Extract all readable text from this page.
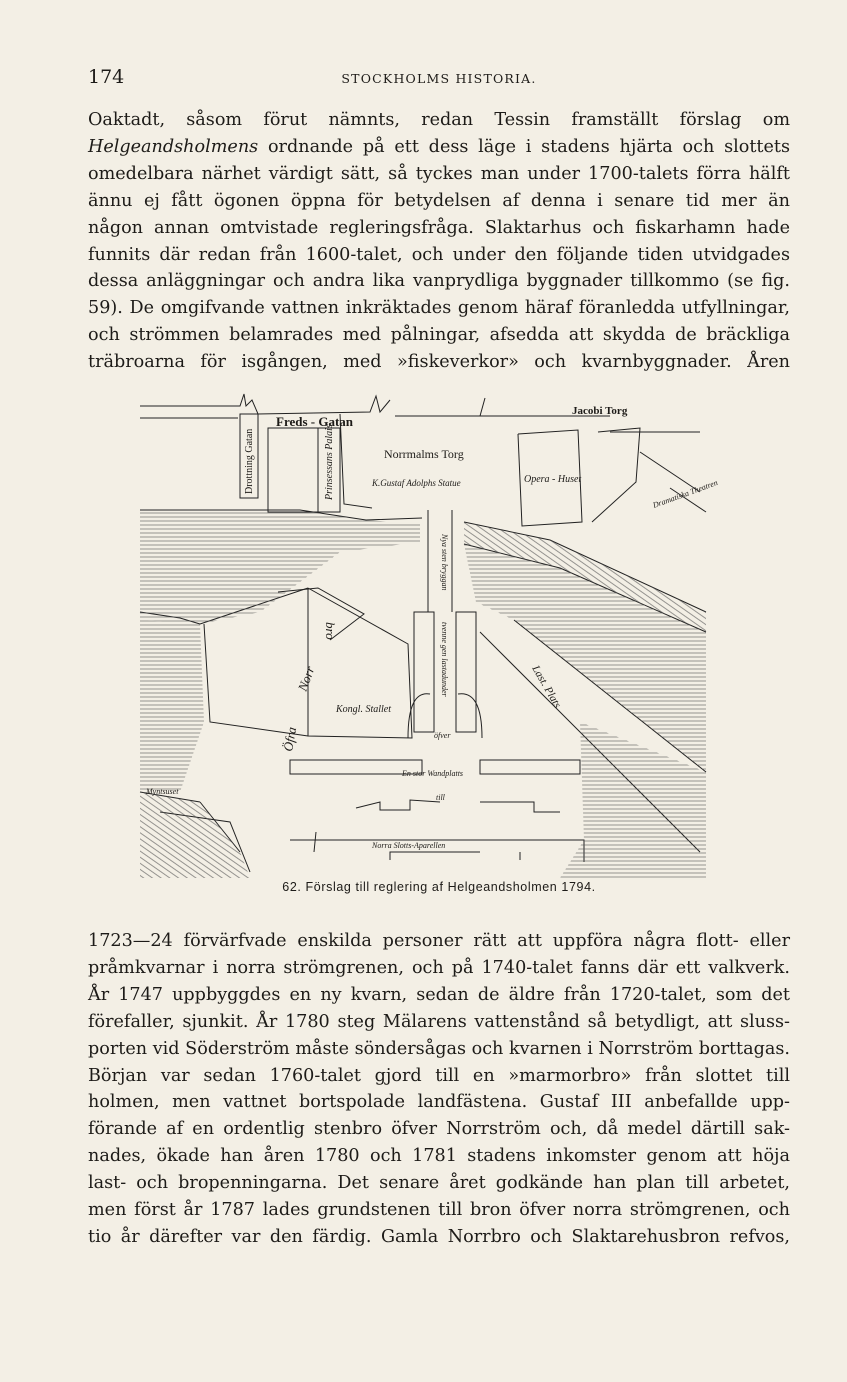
174	STOCKHOLMS HISTORIA.
Oaktadt, såsom förut nämnts, redan Tessin framställt förslag om
Helgeandsholmens ordnande på ett dess läge i stadens hjärta och slottets
omedelbara närhet värdigt sätt, så tyckes man under 1700-talets förra hälft
ännu ej fått ögonen öppna för betydelsen af denna i senare tid mer än
någon annan omtvistade regleringsfråga. Slaktarhus och fiskarhamn hade
funnits där redan från 1600-talet, och under den följande tiden utvidgades
dessa anläggningar och andra lika vanprydliga byggnader tillkommo (se fig.
59). De omgifvande vattnen inkräktades genom häraf föranledda utfyllningar,
och strömmen belamrades med pålningar, afsedda att skydda de bräckliga
träbroarna för isgången, med »fiskeverkor» och kvarnbyggnader. Åren
Freds - Gatan
Jacobi Torg
Drottning Gatan	Prinsessans Palais	Norrmalms Torg
K.Gustaf Adolphs Statue	Opera - Huset	Dramatiska Theatren
Nya sten bryggan
bro
Norr
Öfra
Kongl. Stallet
tvenne gen lastadunder
öfver
En stor Wandplatts
till
Myntsuset
Norra Slotts-Aparellen
Last. Plats
62. Förslag till reglering af Helgeandsholmen 1794.
1723—24 förvärfvade enskilda personer rätt att uppföra några flott- eller
pråmkvarnar i norra strömgrenen, och på 1740-talet fanns där ett valkverk.
År 1747 uppbyggdes en ny kvarn, sedan de äldre från 1720-talet, som det
förefaller, sjunkit. År 1780 steg Mälarens vattenstånd så betydligt, att sluss-
porten vid Söderström måste söndersågas och kvarnen i Norrström borttagas.
Början var sedan 1760-talet gjord till en »marmorbro» från slottet till
holmen, men vattnet bortspolade landfästena. Gustaf III anbefallde upp-
förande af en ordentlig stenbro öfver Norrström och, då medel därtill sak-
nades, ökade han åren 1780 och 1781 stadens inkomster genom att höja
last- och bropenningarna. Det senare året godkände han plan till arbetet,
men först år 1787 lades grundstenen till bron öfver norra strömgrenen, och
tio år därefter var den färdig. Gamla Norrbro och Slaktarehusbron refvos,
